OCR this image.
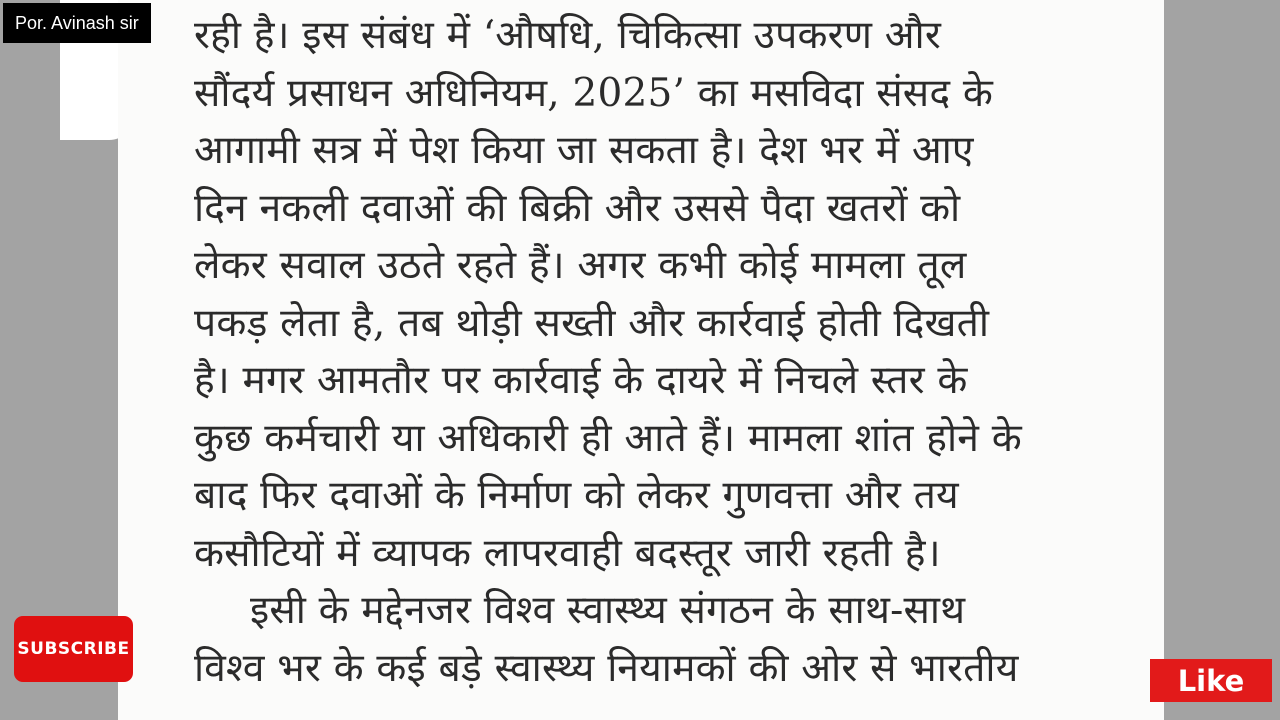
रही है। इस संबंध में ‘औषधि, चिकित्सा उपकरण और
सौंदर्य प्रसाधन अधिनियम, 2025’ का मसविदा संसद के
आगामी सत्र में पेश किया जा सकता है। देश भर में आए
दिन नकली दवाओं की बिक्री और उससे पैदा खतरों को
लेकर सवाल उठते रहते हैं। अगर कभी कोई मामला तूल
पकड़ लेता है, तब थोड़ी सख्ती और कार्रवाई होती दिखती
है। मगर आमतौर पर कार्रवाई के दायरे में निचले स्तर के
कुछ कर्मचारी या अधिकारी ही आते हैं। मामला शांत होने के
बाद फिर दवाओं के निर्माण को लेकर गुणवत्ता और तय
कसौटियों में व्यापक लापरवाही बदस्तूर जारी रहती है।
इसी के मद्देनजर विश्व स्वास्थ्य संगठन के साथ-साथ
विश्व भर के कई बड़े स्वास्थ्य नियामकों की ओर से भारतीय
Por. Avinash sir
SUBSCRIBE
Like
